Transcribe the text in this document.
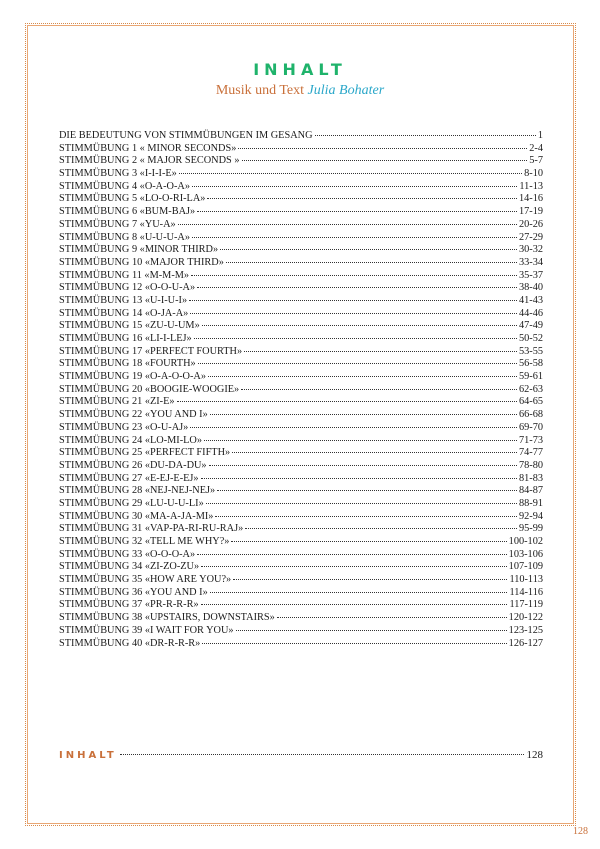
INHALT
Musik und Text Julia Bohater
DIE BEDEUTUNG VON STIMMÜBUNGEN IM GESANG	1
STIMMÜBUNG 1 « MINOR SECONDS»	2-4
STIMMÜBUNG 2 « MAJOR SECONDS »	5-7
STIMMÜBUNG 3 «I-I-I-E»	8-10
STIMMÜBUNG 4 «O-A-O-A»	11-13
STIMMÜBUNG 5 «LO-O-RI-LA»	14-16
STIMMÜBUNG 6 «BUM-BAJ»	17-19
STIMMÜBUNG 7 «YU-A»	20-26
STIMMÜBUNG 8 «U-U-U-A»	27-29
STIMMÜBUNG 9 «MINOR THIRD»	30-32
STIMMÜBUNG 10 «MAJOR THIRD»	33-34
STIMMÜBUNG 11 «M-M-M»	35-37
STIMMÜBUNG 12 «O-O-U-A»	38-40
STIMMÜBUNG 13 «U-I-U-I»	41-43
STIMMÜBUNG 14 «O-JA-A»	44-46
STIMMÜBUNG 15 «ZU-U-UM»	47-49
STIMMÜBUNG 16 «LI-I-LEJ»	50-52
STIMMÜBUNG 17 «PERFECT FOURTH»	53-55
STIMMÜBUNG 18 «FOURTH»	56-58
STIMMÜBUNG 19 «O-A-O-O-A»	59-61
STIMMÜBUNG 20 «BOOGIE-WOOGIE»	62-63
STIMMÜBUNG 21 «ZI-E»	64-65
STIMMÜBUNG 22 «YOU AND I»	66-68
STIMMÜBUNG 23 «O-U-AJ»	69-70
STIMMÜBUNG 24 «LO-MI-LO»	71-73
STIMMÜBUNG 25 «PERFECT FIFTH»	74-77
STIMMÜBUNG 26 «DU-DA-DU»	78-80
STIMMÜBUNG 27 «E-EJ-E-EJ»	81-83
STIMMÜBUNG 28 «NEJ-NEJ-NEJ»	84-87
STIMMÜBUNG 29 «LU-U-U-LI»	88-91
STIMMÜBUNG 30 «MA-A-JA-MI»	92-94
STIMMÜBUNG 31 «VAP-PA-RI-RU-RAJ»	95-99
STIMMÜBUNG 32 «TELL ME WHY?»	100-102
STIMMÜBUNG 33 «O-O-O-A»	103-106
STIMMÜBUNG 34 «ZI-ZO-ZU»	107-109
STIMMÜBUNG 35 «HOW ARE YOU?»	110-113
STIMMÜBUNG 36 «YOU AND I»	114-116
STIMMÜBUNG 37 «PR-R-R-R»	117-119
STIMMÜBUNG 38 «UPSTAIRS, DOWNSTAIRS»	120-122
STIMMÜBUNG 39 «I WAIT FOR YOU»	123-125
STIMMÜBUNG 40 «DR-R-R-R»	126-127
INHALT	128
128
